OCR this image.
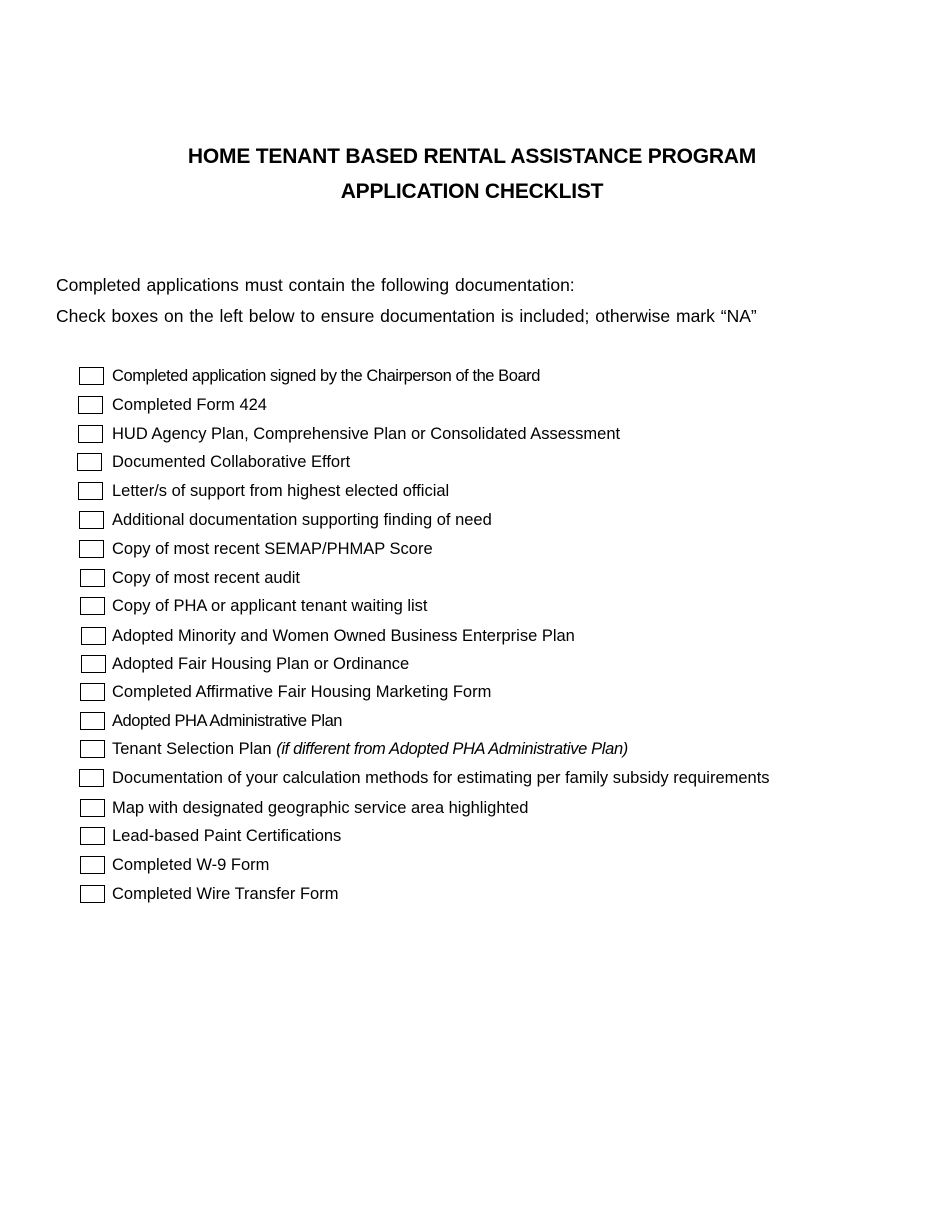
HOME TENANT BASED RENTAL ASSISTANCE PROGRAM
APPLICATION CHECKLIST
Completed applications must contain the following documentation:
Check boxes on the left below to ensure documentation is included; otherwise mark “NA”
Completed application signed by the Chairperson of the Board
Completed Form 424
HUD Agency Plan, Comprehensive Plan or Consolidated Assessment
Documented Collaborative Effort
Letter/s of support from highest elected official
Additional documentation supporting finding of need
Copy of most recent SEMAP/PHMAP Score
Copy of most recent audit
Copy of PHA or applicant tenant waiting list
Adopted Minority and Women Owned Business Enterprise Plan
Adopted Fair Housing Plan or Ordinance
Completed Affirmative Fair Housing Marketing Form
Adopted PHA Administrative Plan
Tenant Selection Plan (if different from Adopted PHA Administrative Plan)
Documentation of your calculation methods for estimating per family subsidy requirements
Map with designated geographic service area highlighted
Lead-based Paint Certifications
Completed W-9 Form
Completed Wire Transfer Form
